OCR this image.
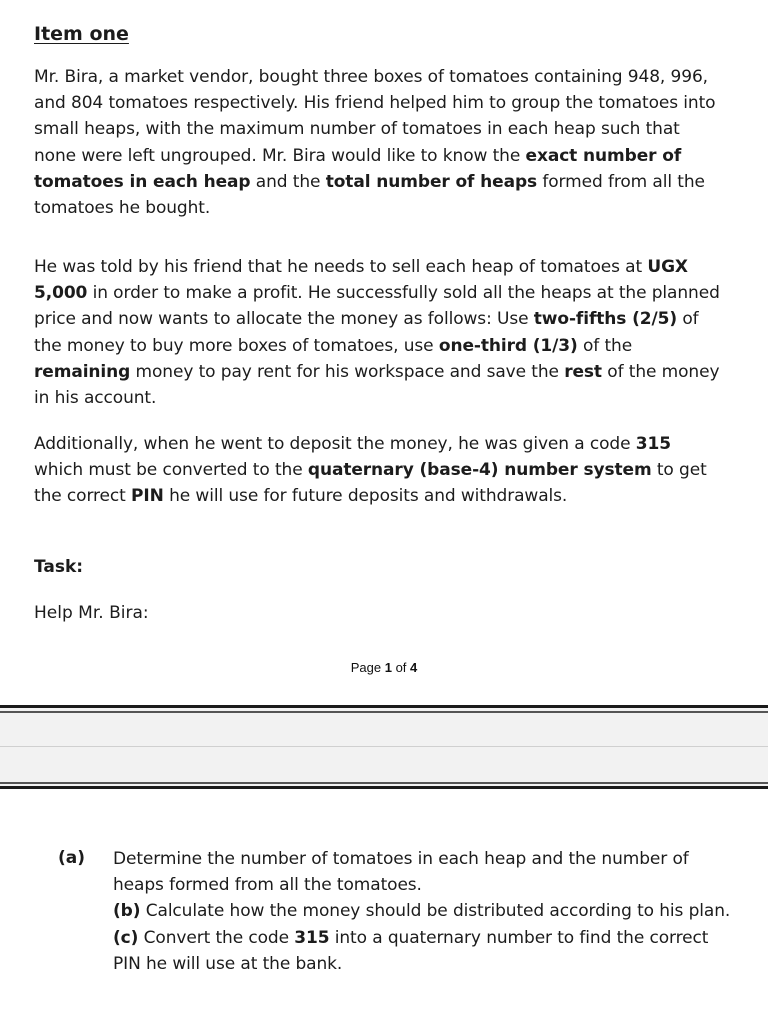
Item one

Mr. Bira, a market vendor, bought three boxes of tomatoes containing 948, 996, and 804 tomatoes respectively. His friend helped him to group the tomatoes into small heaps, with the maximum number of tomatoes in each heap such that none were left ungrouped. Mr. Bira would like to know the exact number of tomatoes in each heap and the total number of heaps formed from all the tomatoes he bought.

He was told by his friend that he needs to sell each heap of tomatoes at UGX 5,000 in order to make a profit. He successfully sold all the heaps at the planned price and now wants to allocate the money as follows: Use two-fifths (2/5) of the money to buy more boxes of tomatoes, use one-third (1/3) of the remaining money to pay rent for his workspace and save the rest of the money in his account.

Additionally, when he went to deposit the money, he was given a code 315 which must be converted to the quaternary (base-4) number system to get the correct PIN he will use for future deposits and withdrawals.

Task:
Help Mr. Bira:
Page 1 of 4
(a) Determine the number of tomatoes in each heap and the number of heaps formed from all the tomatoes.
(b) Calculate how the money should be distributed according to his plan.
(c) Convert the code 315 into a quaternary number to find the correct PIN he will use at the bank.
